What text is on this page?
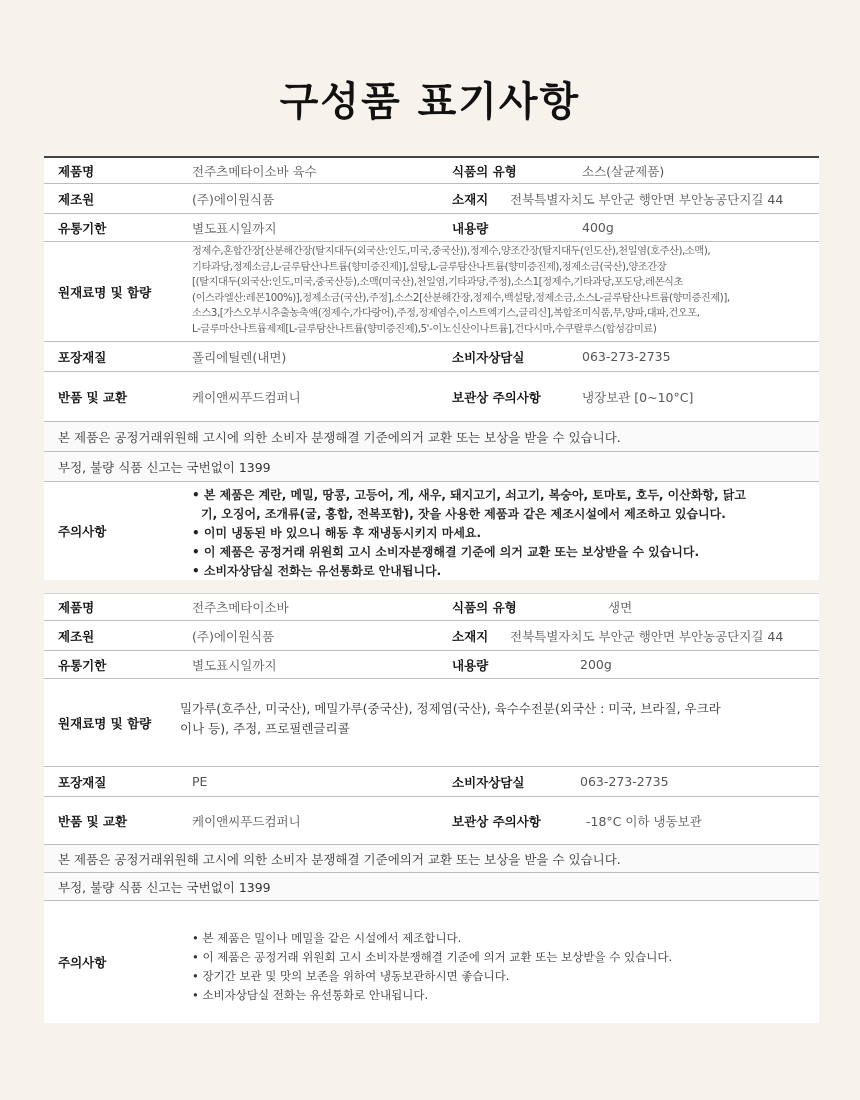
구성품 표기사항
제품명	전주츠메타이소바 육수	식품의 유형	소스(살균제품)
제조원	(주)에이원식품	소재지	전북특별자치도 부안군 행안면 부안농공단지길 44
유통기한	별도표시일까지	내용량	400g
원재료명 및 함량
정제수,혼합간장[산분해간장(탈지대두(외국산:인도,미국,중국산)),정제수,양조간장(탈지대두(인도산),천일염(호주산),소맥),
기타과당,정제소금,L-글루탐산나트륨(향미증진제)],설탕,L-글루탐산나트륨(향미증진제),정제소금(국산),양조간장
[(탈지대두(외국산:인도,미국,중국산등),소맥(미국산),천일염,기타과당,주정),소스1[정제수,기타과당,포도당,레몬식초
(이스라엘산:레몬100%)],정제소금(국산),주정],소스2[산분해간장,정제수,백설탕,정제소금,소스L-글루탐산나트륨(향미증진제)],
소스3,[가스오부시추출농축액(정제수,가다랑어),주정,정제염수,이스트엑기스,글리신],복합조미식품,무,양파,대파,건오포,
L-글루마산나트륨제제[L-글루탐산나트륨(향미증진제),5'-이노신산이나트륨],건다시마,수쿠랄루스(합성감미료)
포장재질	폴리에틸렌(내면)	소비자상담실	063-273-2735
반품 및 교환	케이앤씨푸드컴퍼니	보관상 주의사항	냉장보관 [0~10°C]
본 제품은 공정거래위원해 고시에 의한 소비자 분쟁해결 기준에의거 교환 또는 보상을 받을 수 있습니다.
부정, 불량 식품 신고는 국번없이 1399
주의사항
• 본 제품은 계란, 메밀, 땅콩, 고등어, 게, 새우, 돼지고기, 쇠고기, 복숭아, 토마토, 호두, 이산화항, 닭고
기, 오징어, 조개류(굴, 홍합, 전복포함), 잣을 사용한 제품과 같은 제조시설에서 제조하고 있습니다.
• 이미 냉동된 바 있으니 해동 후 재냉동시키지 마세요.
• 이 제품은 공정거래 위원회 고시 소비자분쟁해결 기준에 의거 교환 또는 보상받을 수 있습니다.
• 소비자상담실 전화는 유선통화로 안내됩니다.
제품명	전주츠메타이소바	식품의 유형	생면
제조원	(주)에이원식품	소재지	전북특별자치도 부안군 행안면 부안농공단지길 44
유통기한	별도표시일까지	내용량	200g
원재료명 및 함량
밀가루(호주산, 미국산), 메밀가루(중국산), 정제염(국산), 육수수전분(외국산 : 미국, 브라질, 우크라
이나 등), 주정, 프로필렌글리콜
포장재질	PE	소비자상담실	063-273-2735
반품 및 교환	케이앤씨푸드컴퍼니	보관상 주의사항	-18°C 이하 냉동보관
본 제품은 공정거래위원해 고시에 의한 소비자 분쟁해결 기준에의거 교환 또는 보상을 받을 수 있습니다.
부정, 불량 식품 신고는 국번없이 1399
주의사항
• 본 제품은 밀이나 메밀을 같은 시설에서 제조합니다.
• 이 제품은 공정거래 위원회 고시 소비자분쟁해결 기준에 의거 교환 또는 보상받을 수 있습니다.
• 장기간 보관 및 맛의 보존을 위하여 냉동보관하시면 좋습니다.
• 소비자상담실 전화는 유선통화로 안내됩니다.
